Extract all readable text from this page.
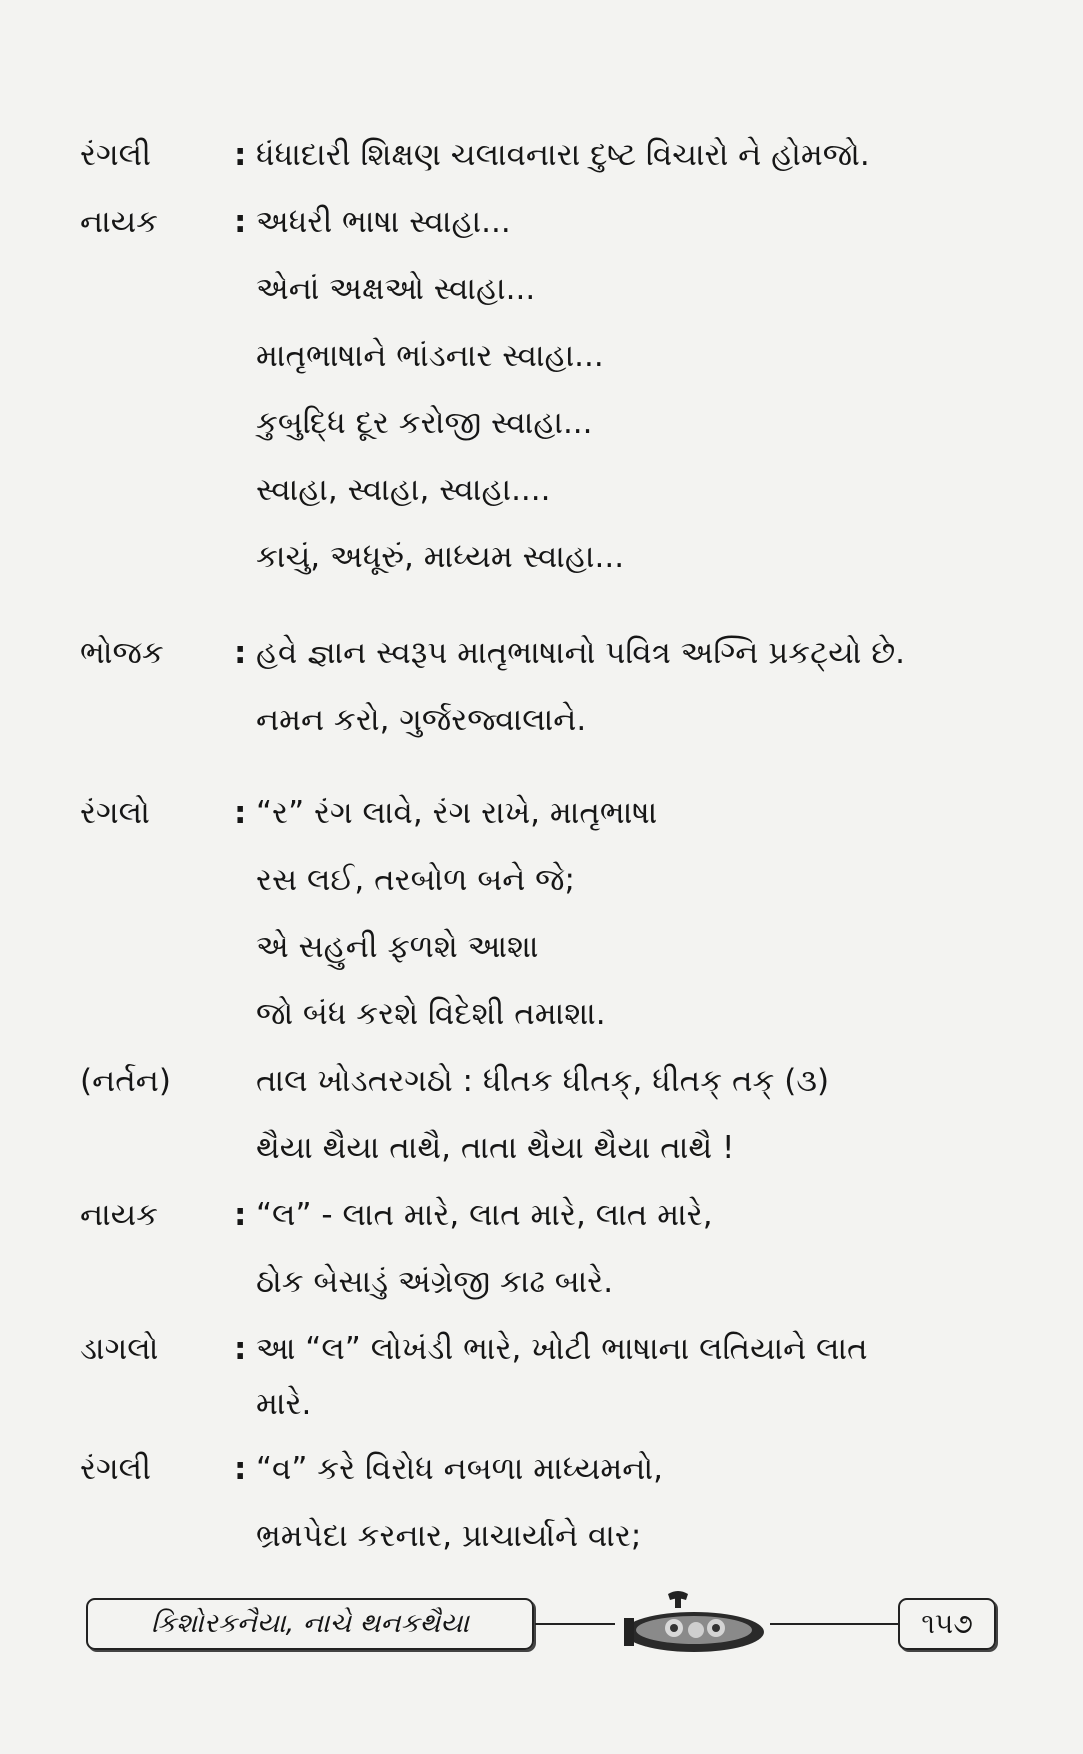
રંગલી	: ધંધાદારી શિક્ષણ ચલાવનારા દુષ્ટ વિચારો ને હોમજો.
નાયક : અધરી ભાષા સ્વાહા...
એનાં અક્ષઓ સ્વાહા...
માતૃભાષાને ભાંડનાર સ્વાહા...
કુબુદ્ધિ દૂર કરોજી સ્વાહા...
સ્વાહા, સ્વાહા, સ્વાહા....
કાચું, અધૂરું, માધ્યમ સ્વાહા...
ભોજક : હવે જ્ઞાન સ્વરૂપ માતૃભાષાનો પવિત્ર અગ્નિ પ્રકટ્યો છે.
નમન કરો, ગુર્જરજ્વાલાને.
રંગલો	: “ર” રંગ લાવે, રંગ રાખે, માતૃભાષા
રસ લઈ, તરબોળ બને જે;
એ સહુની ફળશે આશા
જો બંધ કરશે વિદેશી તમાશા.
(નર્તન)	તાલ ખોડતરગઠો : ધીતક ધીતક્, ધીતક્ તક્ (૩)
થૈયા થૈયા તાથૈ, તાતા થૈયા થૈયા તાથૈ !
નાયક : “લ” - લાત મારે, લાત મારે, લાત મારે,
ઠોક બેસાડું અંગ્રેજી કાઢ બારે.
ડાગલો : આ “લ” લોખંડી ભારે, ખોટી ભાષાના લતિયાને લાત
મારે.
રંગલી	: “વ” કરે વિરોધ નબળા માધ્યમનો,
ભ્રમપેદા કરનાર, પ્રાચાર્યાને વાર;
કિશોરકનૈયા, નાચે થનકથૈયા	૧૫૭
